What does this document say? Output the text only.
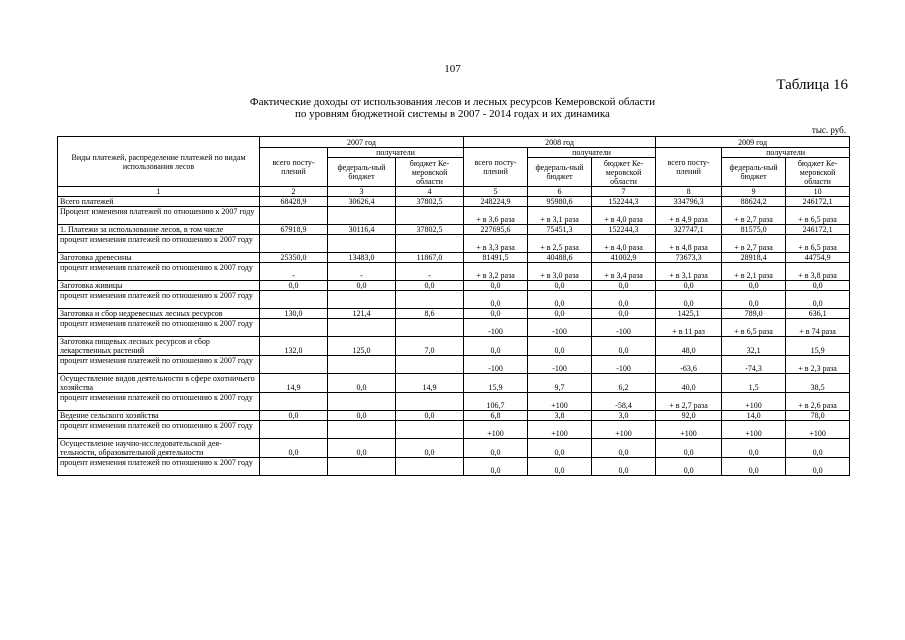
107
Таблица 16
Фактические доходы от использования лесов и лесных ресурсов Кемеровской области
по уровням бюджетной системы в 2007 - 2014 годах и их динамика
тыс. руб.
Виды платежей, распределение платежей по видам использования лесов	2007 год			2008 год			2009 год		
	всего посту-плений	получатели		всего посту-плений	получатели		всего посту-плений	получатели	
		федераль-ный бюджет	бюджет Ке-меровской области		федераль-ный бюджет	бюджет Ке-меровской области		федераль-ный бюджет	бюджет Ке-меровской области
1	2	3	4	5	6	7	8	9	10
Всего платежей	68428,9	30626,4	37802,5	248224,9	95980,6	152244,3	334796,3	88624,2	246172,1
Процент изменения платежей по отношению к 2007 году				+ в 3,6 раза	+ в 3,1 раза	+ в 4,0 раза	+ в 4,9 раза	+ в 2,7 раза	+ в 6,5 раза
1. Платежи за использование лесов, в том числе	67918,9	30116,4	37802,5	227695,6	75451,3	152244,3	327747,1	81575,0	246172,1
процент изменения платежей по отношению к 2007 году				+ в 3,3 раза	+ в 2,5 раза	+ в 4,0 раза	+ в 4,8 раза	+ в 2,7 раза	+ в 6,5 раза
Заготовка древесины	25350,0	13483,0	11867,0	81491,5	40488,6	41002,9	73673,3	28918,4	44754,9
процент изменения платежей по отношению к 2007 году	-	-	-	+ в 3,2 раза	+ в 3,0 раза	+ в 3,4 раза	+ в 3,1 раза	+ в 2,1 раза	+ в 3,8 раза
Заготовка живицы	0,0	0,0	0,0	0,0	0,0	0,0	0,0	0,0	0,0
процент изменения платежей по отношению к 2007 году				0,0	0,0	0,0	0,0	0,0	0,0
Заготовка и сбор недревесных лесных ресурсов	130,0	121,4	8,6	0,0	0,0	0,0	1425,1	789,0	636,1
процент изменения платежей по отношению к 2007 году				-100	-100	-100	+ в 11 раз	+ в 6,5 раза	+ в 74 раза
Заготовка пищевых лесных ресурсов и сбор лекарственных растений	132,0	125,0	7,0	0,0	0,0	0,0	48,0	32,1	15,9
процент изменения платежей по отношению к 2007 году				-100	-100	-100	-63,6	-74,3	+ в 2,3 раза
Осуществление видов деятельности в сфере охотничьего хозяйства	14,9	0,0	14,9	15,9	9,7	6,2	40,0	1,5	38,5
процент изменения платежей по отношению к 2007 году				106,7	+100	-58,4	+ в 2,7 раза	+100	+ в 2,6 раза
Ведение сельского хозяйства	0,0	0,0	0,0	6,8	3,8	3,0	92,0	14,0	78,0
процент изменения платежей по отношению к 2007 году				+100	+100	+100	+100	+100	+100
Осуществление научно-исследовательской дея-тельности, образовательной деятельности	0,0	0,0	0,0	0,0	0,0	0,0	0,0	0,0	0,0
процент изменения платежей по отношению к 2007 году				0,0	0,0	0,0	0,0	0,0	0,0
